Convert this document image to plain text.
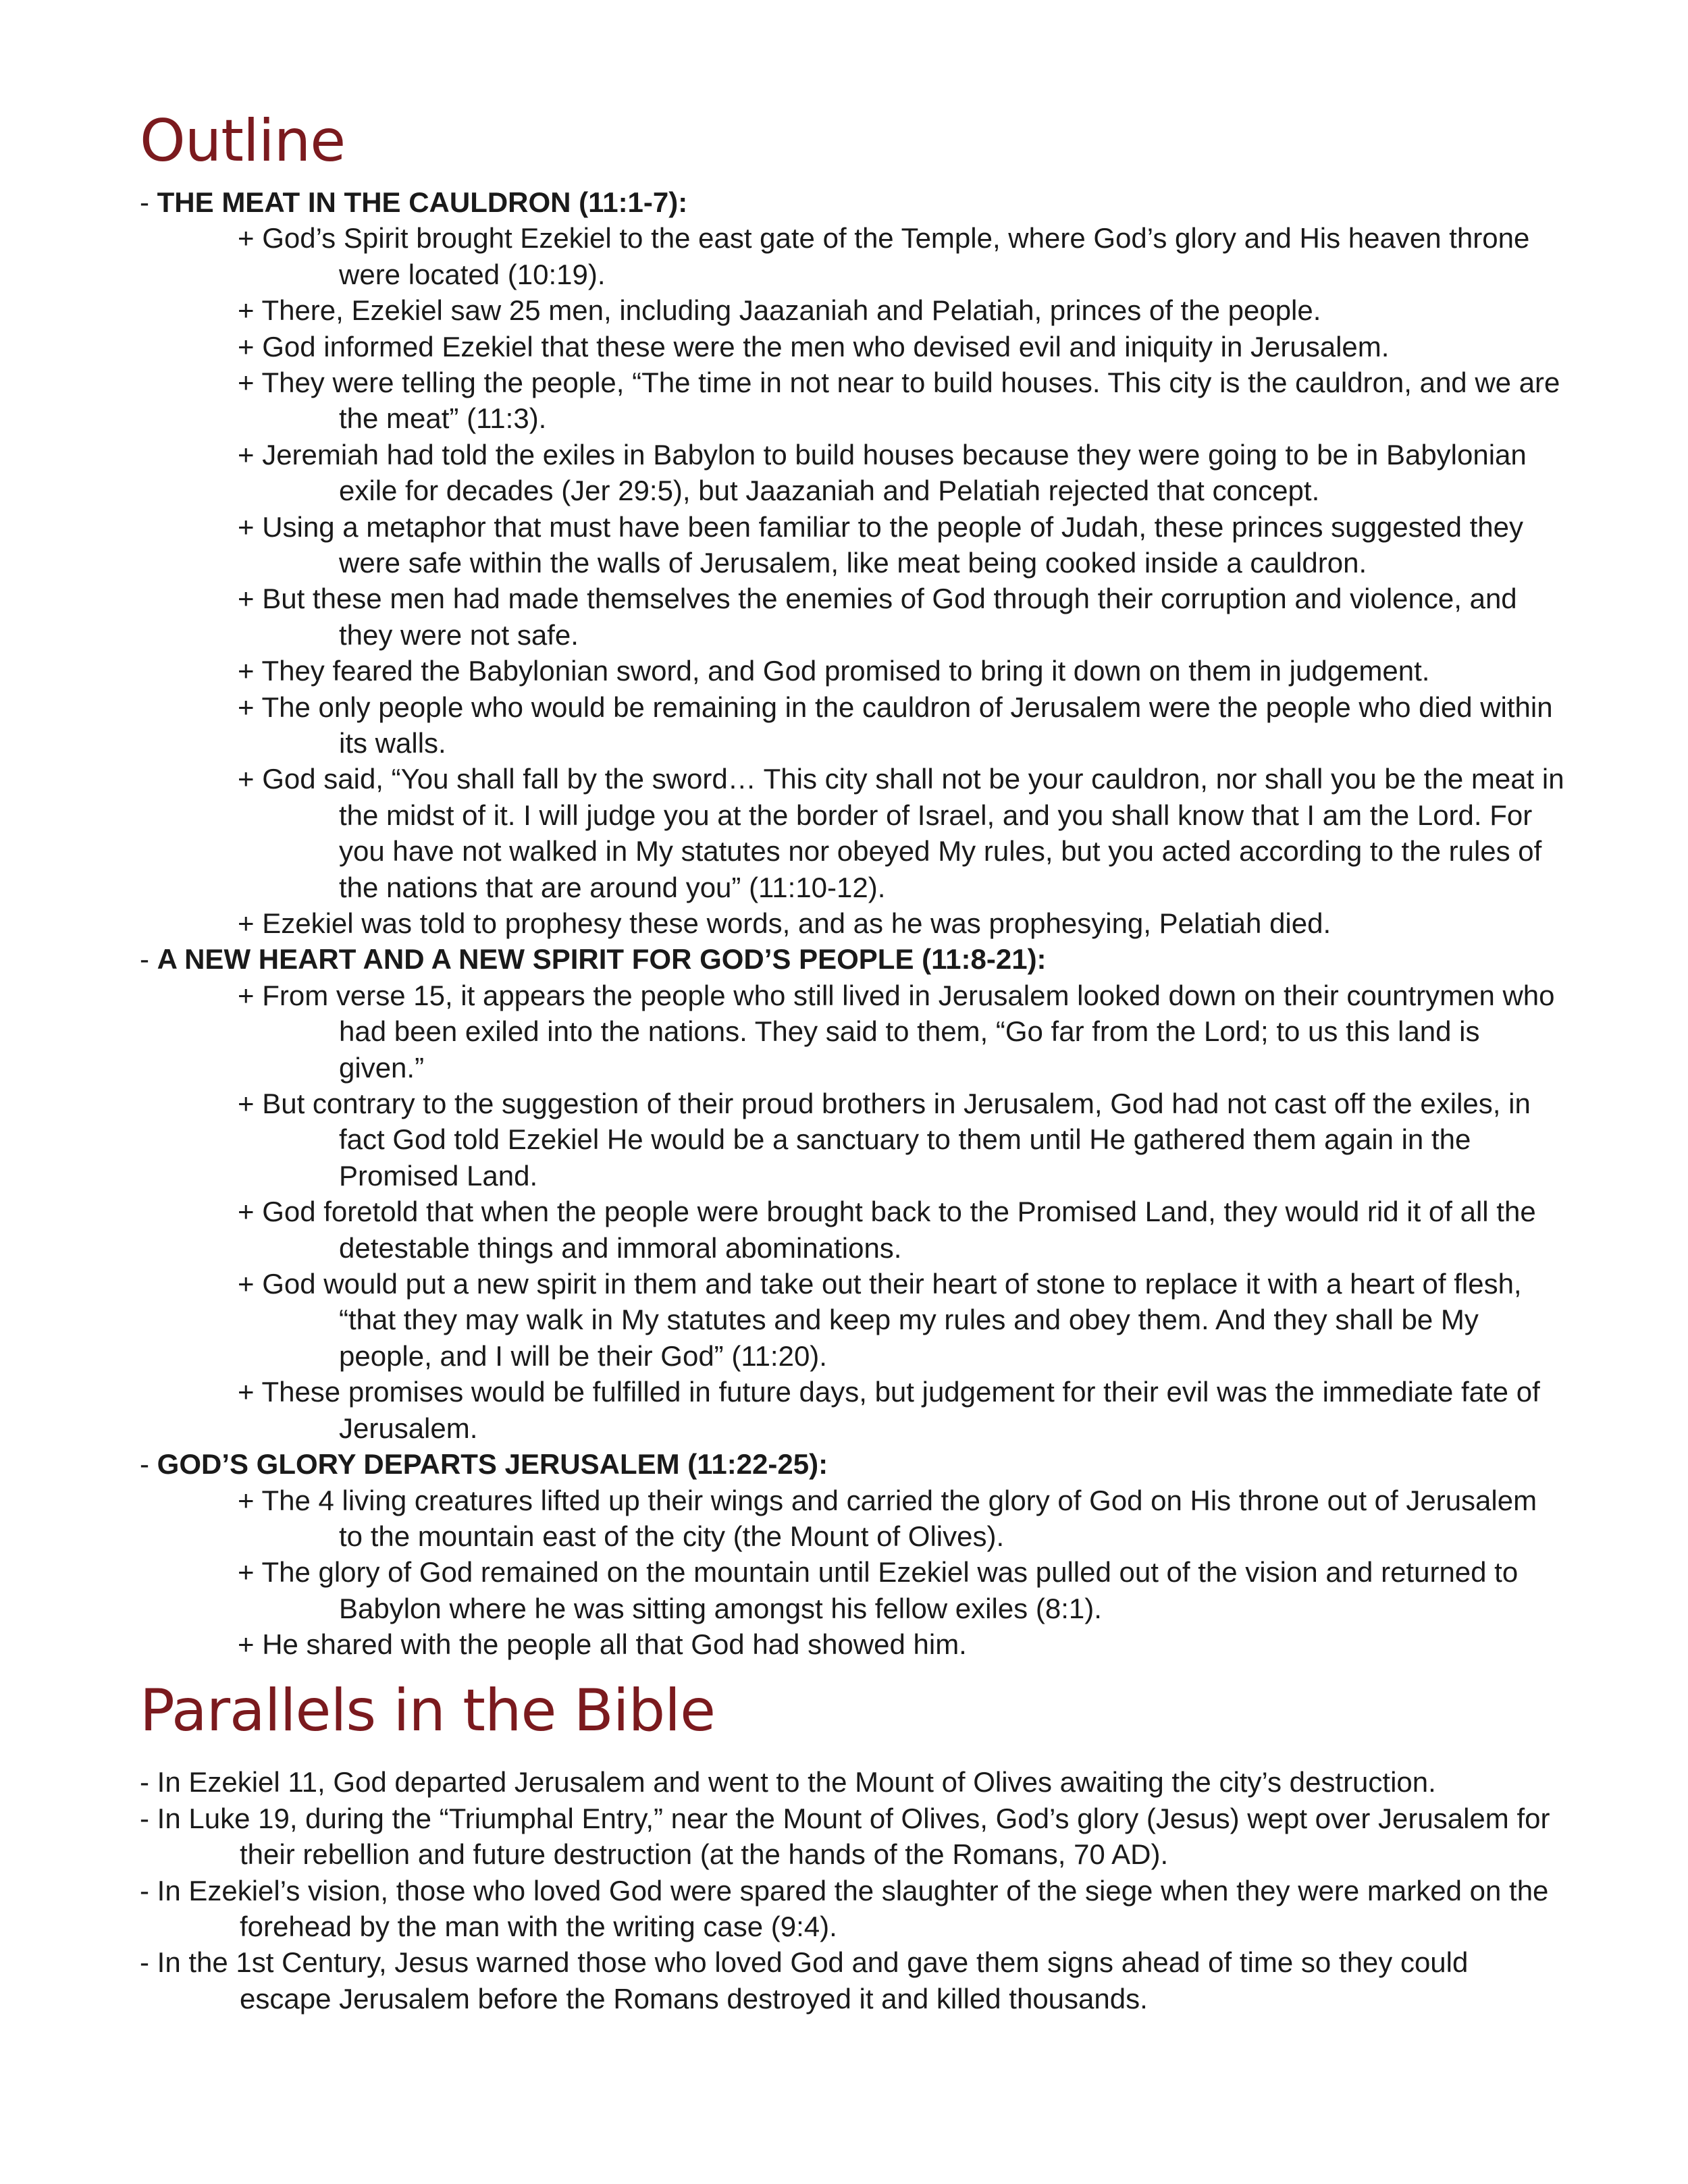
Outline
- THE MEAT IN THE CAULDRON (11:1-7):
+ God’s Spirit brought Ezekiel to the east gate of the Temple, where God’s glory and His heaven throne were located (10:19).
+ There, Ezekiel saw 25 men, including Jaazaniah and Pelatiah, princes of the people.
+ God informed Ezekiel that these were the men who devised evil and iniquity in Jerusalem.
+ They were telling the people, “The time in not near to build houses. This city is the cauldron, and we are the meat” (11:3).
+ Jeremiah had told the exiles in Babylon to build houses because they were going to be in Babylonian exile for decades (Jer 29:5), but Jaazaniah and Pelatiah rejected that concept.
+ Using a metaphor that must have been familiar to the people of Judah, these princes suggested they were safe within the walls of Jerusalem, like meat being cooked inside a cauldron.
+ But these men had made themselves the enemies of God through their corruption and violence, and they were not safe.
+ They feared the Babylonian sword, and God promised to bring it down on them in judgement.
+ The only people who would be remaining in the cauldron of Jerusalem were the people who died within its walls.
+ God said, “You shall fall by the sword… This city shall not be your cauldron, nor shall you be the meat in the midst of it. I will judge you at the border of Israel, and you shall know that I am the Lord. For you have not walked in My statutes nor obeyed My rules, but you acted according to the rules of the nations that are around you” (11:10-12).
+ Ezekiel was told to prophesy these words, and as he was prophesying, Pelatiah died.
- A NEW HEART AND A NEW SPIRIT FOR GOD’S PEOPLE (11:8-21):
+ From verse 15, it appears the people who still lived in Jerusalem looked down on their countrymen who had been exiled into the nations. They said to them, “Go far from the Lord; to us this land is given.”
+ But contrary to the suggestion of their proud brothers in Jerusalem, God had not cast off the exiles, in fact God told Ezekiel He would be a sanctuary to them until He gathered them again in the Promised Land.
+ God foretold that when the people were brought back to the Promised Land, they would rid it of all the detestable things and immoral abominations.
+ God would put a new spirit in them and take out their heart of stone to replace it with a heart of flesh, “that they may walk in My statutes and keep my rules and obey them. And they shall be My people, and I will be their God” (11:20).
+ These promises would be fulfilled in future days, but judgement for their evil was the immediate fate of Jerusalem.
- GOD’S GLORY DEPARTS JERUSALEM (11:22-25):
+ The 4 living creatures lifted up their wings and carried the glory of God on His throne out of Jerusalem to the mountain east of the city (the Mount of Olives).
+ The glory of God remained on the mountain until Ezekiel was pulled out of the vision and returned to Babylon where he was sitting amongst his fellow exiles (8:1).
+ He shared with the people all that God had showed him.
Parallels in the Bible
- In Ezekiel 11, God departed Jerusalem and went to the Mount of Olives awaiting the city’s destruction.
- In Luke 19, during the “Triumphal Entry,” near the Mount of Olives, God’s glory (Jesus) wept over Jerusalem for their rebellion and future destruction (at the hands of the Romans, 70 AD).
- In Ezekiel’s vision, those who loved God were spared the slaughter of the siege when they were marked on the forehead by the man with the writing case (9:4).
- In the 1st Century, Jesus warned those who loved God and gave them signs ahead of time so they could escape Jerusalem before the Romans destroyed it and killed thousands.
